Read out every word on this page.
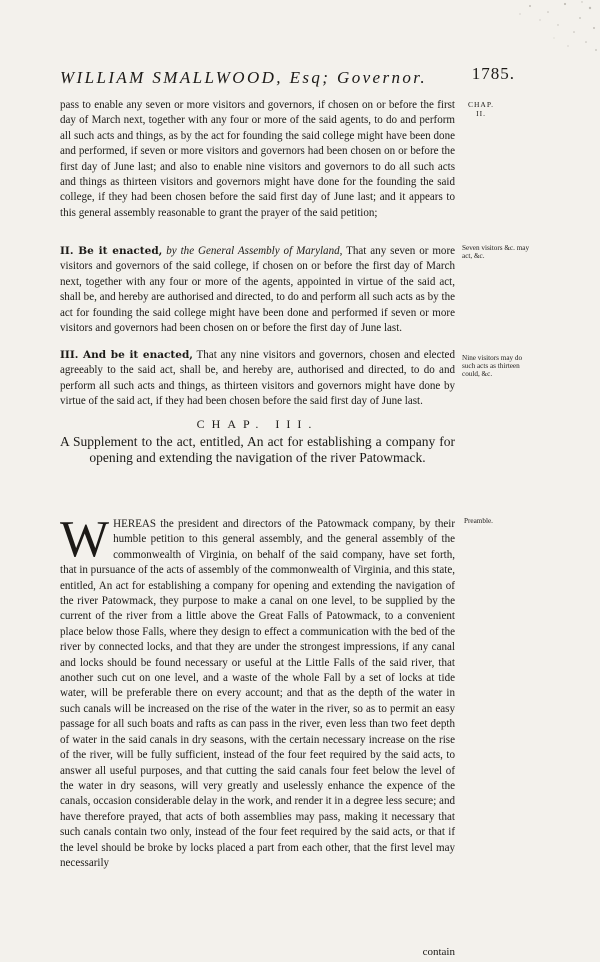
WILLIAM SMALLWOOD, Esq; Governor.	1785.
CHAP.
II.

pass to enable any seven or more visitors and governors, if chosen on or before the first day of March next, together with any four or more of the said agents, to do and perform all such acts and things, as by the act for founding the said college might have been done and performed, if seven or more visitors and governors had been chosen on or before the first day of June last; and also to enable nine visitors and governors to do all such acts and things as thirteen visitors and governors might have done for the founding the said college, if they had been chosen before the said first day of June last; and it appears to this general assembly reasonable to grant the prayer of the said petition;

II. Be it enacted, by the General Assembly of Maryland, That any seven or more visitors and governors of the said college, if chosen on or before the first day of March next, together with any four or more of the agents, appointed in virtue of the said act, shall be, and hereby are authorised and directed, to do and perform all such acts as by the act for founding the said college might have been done and performed if seven or more visitors and governors had been chosen on or before the first day of June last.

Seven visitors &c. may act, &c.

III. And be it enacted, That any nine visitors and governors, chosen and elected agreeably to the said act, shall be, and hereby are, authorised and directed, to do and perform all such acts and things, as thirteen visitors and governors might have done by virtue of the said act, if they had been chosen before the said first day of June last.

Nine visitors may do such acts as thirteen could, &c.
CHAP. III.
A Supplement to the act, entitled, An act for establishing a company for opening and extending the navigation of the river Patowmack.
W HEREAS the president and directors of the Patowmack company, by their humble petition to this general assembly, and the general assembly of the commonwealth of Virginia, on behalf of the said company, have set forth, that in pursuance of the acts of assembly of the commonwealth of Virginia, and this state, entitled, An act for establishing a company for opening and extending the navigation of the river Patowmack, they purpose to make a canal on one level, to be supplied by the current of the river from a little above the Great Falls of Patowmack, to a convenient place below those Falls, where they design to effect a communication with the bed of the river by connected locks, and that they are under the strongest impressions, if any canal and locks should be found necessary or useful at the Little Falls of the said river, that another such cut on one level, and a waste of the whole Fall by a set of locks at tide water, will be preferable there on every account; and that as the depth of the water in such canals will be increased on the rise of the water in the river, so as to permit an easy passage for all such boats and rafts as can pass in the river, even less than two feet depth of water in the said canals in dry seasons, with the certain necessary increase on the rise of the river, will be fully sufficient, instead of the four feet required by the said acts, to answer all useful purposes, and that cutting the said canals four feet below the level of the water in dry seasons, will very greatly and uselessly enhance the expence of the canals, occasion considerable delay in the work, and render it in a degree less secure; and have therefore prayed, that acts of both assemblies may pass, making it necessary that such canals contain two only, instead of the four feet required by the said acts, or that if the level should be broke by locks placed a part from each other, that the first level may necessarily
Preamble.
contain
